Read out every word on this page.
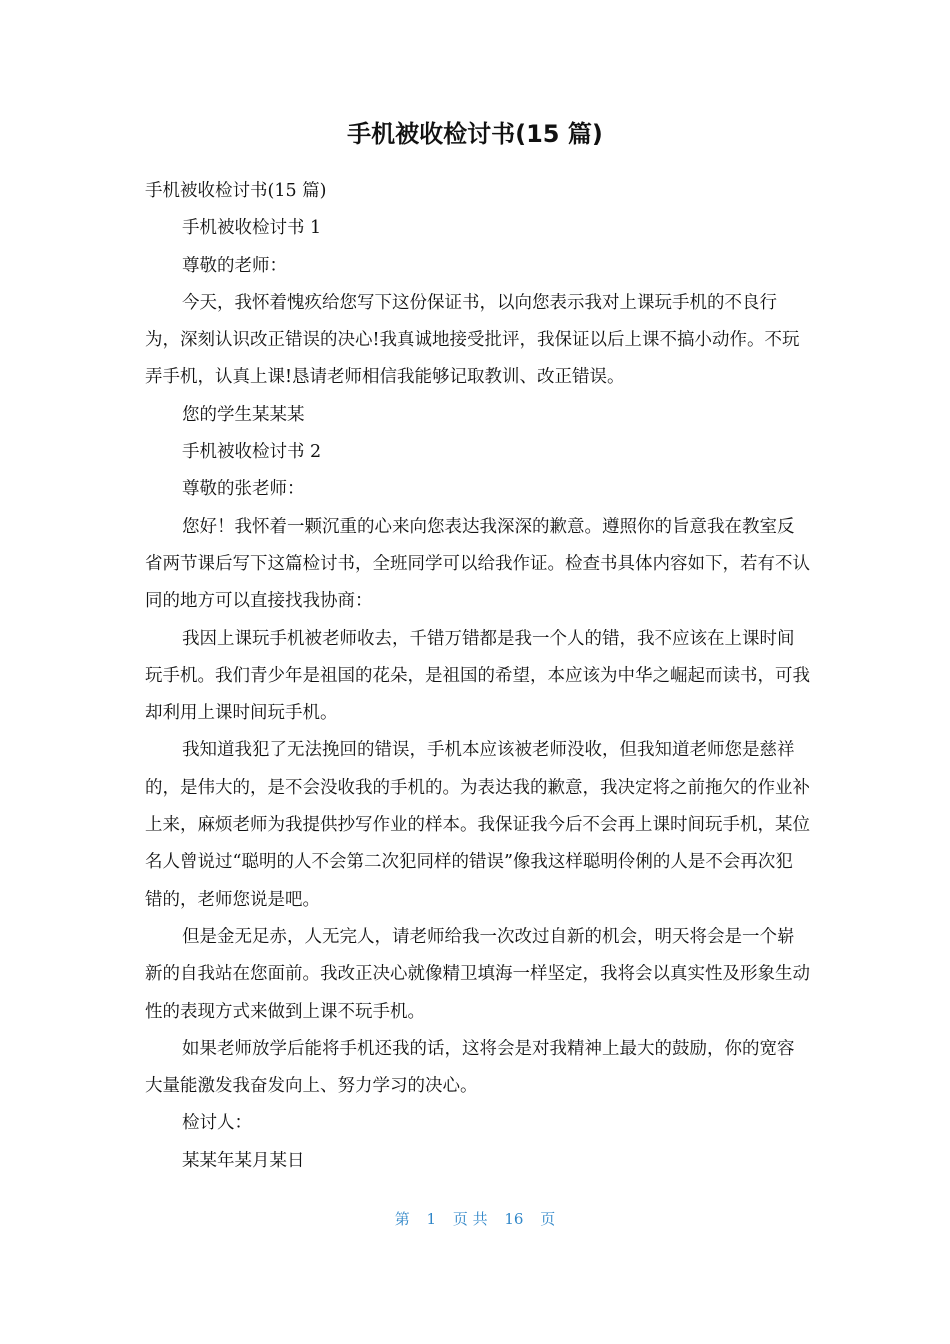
手机被收检讨书(15 篇)

手机被收检讨书(15 篇)

手机被收检讨书 1

尊敬的老师：

今天，我怀着愧疚给您写下这份保证书，以向您表示我对上课玩手机的不良行为，深刻认识改正错误的决心!我真诚地接受批评，我保证以后上课不搞小动作。不玩弄手机，认真上课!恳请老师相信我能够记取教训、改正错误。

您的学生某某某

手机被收检讨书 2

尊敬的张老师：

您好！我怀着一颗沉重的心来向您表达我深深的歉意。遵照你的旨意我在教室反省两节课后写下这篇检讨书，全班同学可以给我作证。检查书具体内容如下，若有不认同的地方可以直接找我协商：

我因上课玩手机被老师收去，千错万错都是我一个人的错，我不应该在上课时间玩手机。我们青少年是祖国的花朵，是祖国的希望，本应该为中华之崛起而读书，可我却利用上课时间玩手机。

我知道我犯了无法挽回的错误，手机本应该被老师没收，但我知道老师您是慈祥的，是伟大的，是不会没收我的手机的。为表达我的歉意，我决定将之前拖欠的作业补上来，麻烦老师为我提供抄写作业的样本。我保证我今后不会再上课时间玩手机，某位名人曾说过“聪明的人不会第二次犯同样的错误”像我这样聪明伶俐的人是不会再次犯错的，老师您说是吧。

但是金无足赤，人无完人，请老师给我一次改过自新的机会，明天将会是一个崭新的自我站在您面前。我改正决心就像精卫填海一样坚定，我将会以真实性及形象生动性的表现方式来做到上课不玩手机。

如果老师放学后能将手机还我的话，这将会是对我精神上最大的鼓励，你的宽容大量能激发我奋发向上、努力学习的决心。

检讨人：

某某年某月某日

第 1 页 共 16 页
